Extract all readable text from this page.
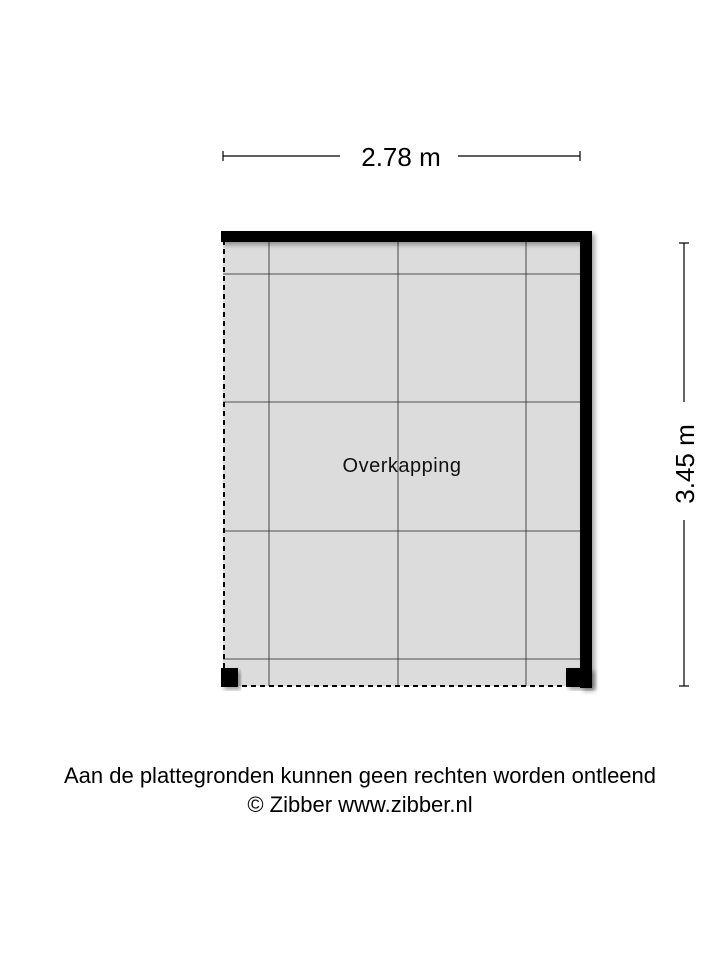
2.78 m
3.45 m
Overkapping
Aan de plattegronden kunnen geen rechten worden ontleend
© Zibber www.zibber.nl
